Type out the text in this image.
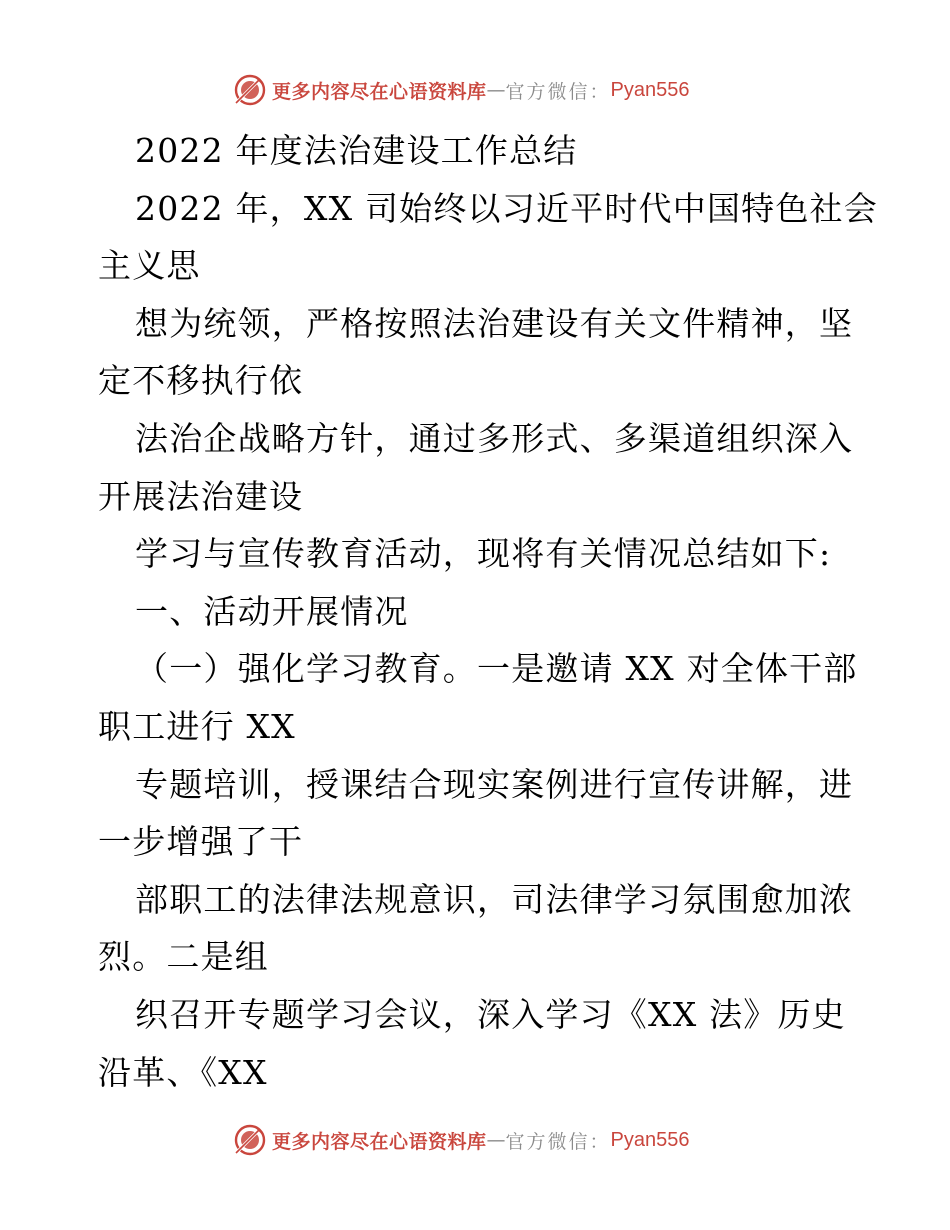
更多内容尽在心语资料库 — 官方微信： Pyan556
2022 年度法治建设工作总结
2022 年，XX 司始终以习近平时代中国特色社会
主义思
想为统领，严格按照法治建设有关文件精神，坚
定不移执行依
法治企战略方针，通过多形式、多渠道组织深入
开展法治建设
学习与宣传教育活动，现将有关情况总结如下:
一、活动开展情况
（一）强化学习教育。一是邀请 XX 对全体干部
职工进行 XX
专题培训，授课结合现实案例进行宣传讲解，进
一步增强了干
部职工的法律法规意识，司法律学习氛围愈加浓
烈。二是组
织召开专题学习会议，深入学习《XX 法》历史
沿革、《XX
更多内容尽在心语资料库 — 官方微信： Pyan556
